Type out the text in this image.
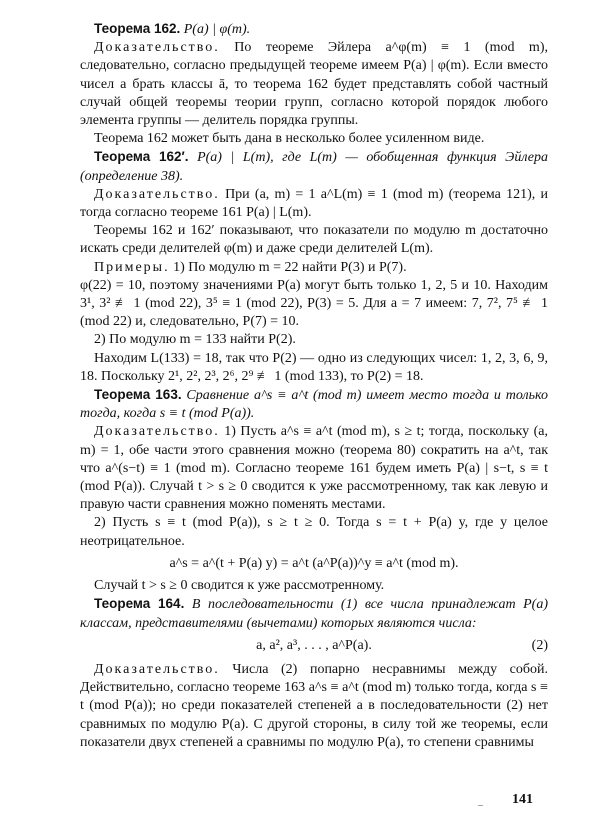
Теорема 162. P(a) | φ(m).

Доказательство. По теореме Эйлера a^φ(m) ≡ 1 (mod m), следовательно, согласно предыдущей теореме имеем P(a) | φ(m). Если вместо чисел a брать классы ā, то теорема 162 будет представлять собой частный случай общей теоремы теории групп, согласно которой порядок любого элемента группы — делитель порядка группы.

Теорема 162 может быть дана в несколько более усиленном виде.

Теорема 162′. P(a) | L(m), где L(m) — обобщенная функция Эйлера (определение 38).

Доказательство. При (a, m) = 1 a^L(m) ≡ 1 (mod m) (теорема 121), и тогда согласно теореме 161 P(a) | L(m).

Теоремы 162 и 162′ показывают, что показатели по модулю m достаточно искать среди делителей φ(m) и даже среди делителей L(m).

Примеры. 1) По модулю m = 22 найти P(3) и P(7).

φ(22) = 10, поэтому значениями P(a) могут быть только 1, 2, 5 и 10. Находим 3¹, 3² ≢ 1 (mod 22), 3⁵ ≡ 1 (mod 22), P(3) = 5. Для a = 7 имеем: 7, 7², 7⁵ ≢ 1 (mod 22) и, следовательно, P(7) = 10.

2) По модулю m = 133 найти P(2).

Находим L(133) = 18, так что P(2) — одно из следующих чисел: 1, 2, 3, 6, 9, 18. Поскольку 2¹, 2², 2³, 2⁶, 2⁹ ≢ 1 (mod 133), то P(2) = 18.

Теорема 163. Сравнение a^s ≡ a^t (mod m) имеет место тогда и только тогда, когда s ≡ t (mod P(a)).

Доказательство. 1) Пусть a^s ≡ a^t (mod m), s ≥ t; тогда, поскольку (a, m) = 1, обе части этого сравнения можно (теорема 80) сократить на a^t, так что a^(s−t) ≡ 1 (mod m). Согласно теореме 161 будем иметь P(a) | s−t, s ≡ t (mod P(a)). Случай t > s ≥ 0 сводится к уже рассмотренному, так как левую и правую части сравнения можно поменять местами.

2) Пусть s ≡ t (mod P(a)), s ≥ t ≥ 0. Тогда s = t + P(a) y, где y целое неотрицательное.

a^s = a^(t + P(a) y) = a^t (a^P(a))^y ≡ a^t (mod m).

Случай t > s ≥ 0 сводится к уже рассмотренному.

Теорема 164. В последовательности (1) все числа принадлежат P(a) классам, представителями (вычетами) которых являются числа:

a, a², a³, . . . , a^P(a).	(2)

Доказательство. Числа (2) попарно несравнимы между собой. Действительно, согласно теореме 163 a^s ≡ a^t (mod m) только тогда, когда s ≡ t (mod P(a)); но среди показателей степеней a в последовательности (2) нет сравнимых по модулю P(a). С другой стороны, в силу той же теоремы, если показатели двух степеней a сравнимы по модулю P(a), то степени сравнимы

– 141
